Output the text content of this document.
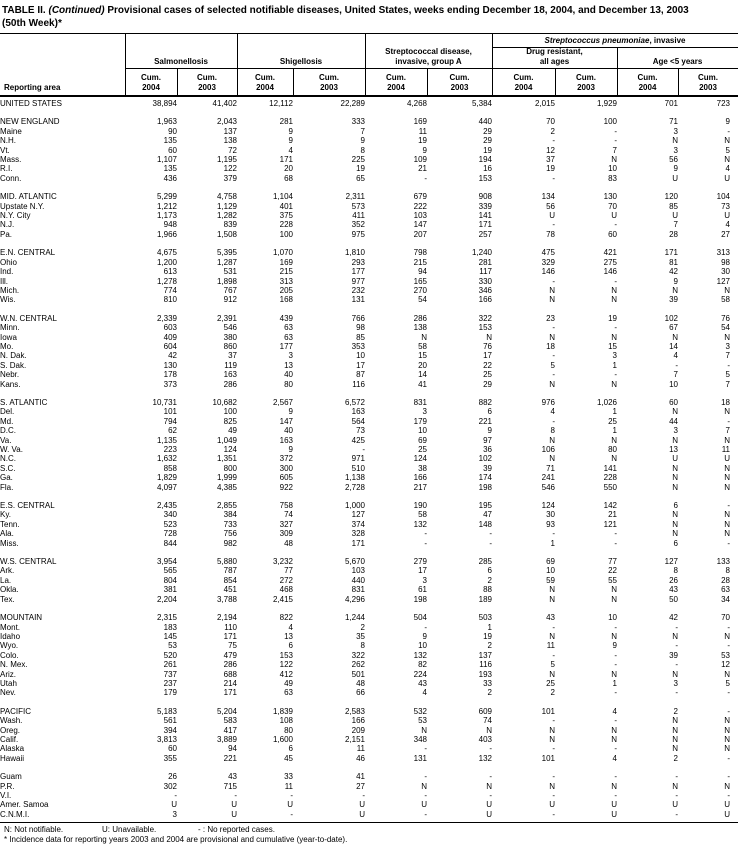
TABLE II. (Continued) Provisional cases of selected notifiable diseases, United States, weeks ending December 18, 2004, and December 13, 2003
(50th Week)*
Streptococcus pneumoniae, invasive
Salmonellosis	Shigellosis
Streptococcal disease,
invasive, group A
Drug resistant,
all ages	Age <5 years
Cum.
2004
Cum.
2003
Cum.
2004
Cum.
2003
Cum.
2004
Cum.
2003
Cum.
2004
Cum.
2003
Cum.
2004
Cum.
2003
Reporting area
UNITED STATES	38,894	41,402	12,112	22,289	4,268	5,384	2,015	1,929	701	723

NEW ENGLAND	1,963	2,043	281	333	169	440	70	100	71	9
Maine	90	137	9	7	11	29	2	-	3	-
N.H.	135	138	9	9	19	29	-	-	N	N
Vt.	60	72	4	8	9	19	12	7	3	5
Mass.	1,107	1,195	171	225	109	194	37	N	56	N
R.I.	135	122	20	19	21	16	19	10	9	4
Conn.	436	379	68	65	-	153	-	83	U	U

MID. ATLANTIC	5,299	4,758	1,104	2,311	679	908	134	130	120	104
Upstate N.Y.	1,212	1,129	401	573	222	339	56	70	85	73
N.Y. City	1,173	1,282	375	411	103	141	U	U	U	U
N.J.	948	839	228	352	147	171	-	-	7	4
Pa.	1,966	1,508	100	975	207	257	78	60	28	27

E.N. CENTRAL	4,675	5,395	1,070	1,810	798	1,240	475	421	171	313
Ohio	1,200	1,287	169	293	215	281	329	275	81	98
Ind.	613	531	215	177	94	117	146	146	42	30
Ill.	1,278	1,898	313	977	165	330	-	-	9	127
Mich.	774	767	205	232	270	346	N	N	N	N
Wis.	810	912	168	131	54	166	N	N	39	58

W.N. CENTRAL	2,339	2,391	439	766	286	322	23	19	102	76
Minn.	603	546	63	98	138	153	-	-	67	54
Iowa	409	380	63	85	N	N	N	N	N	N
Mo.	604	860	177	353	58	76	18	15	14	3
N. Dak.	42	37	3	10	15	17	-	3	4	7
S. Dak.	130	119	13	17	20	22	5	1	-	-
Nebr.	178	163	40	87	14	25	-	-	7	5
Kans.	373	286	80	116	41	29	N	N	10	7

S. ATLANTIC	10,731	10,682	2,567	6,572	831	882	976	1,026	60	18
Del.	101	100	9	163	3	6	4	1	N	N
Md.	794	825	147	564	179	221	-	25	44	-
D.C.	62	49	40	73	10	9	8	1	3	7
Va.	1,135	1,049	163	425	69	97	N	N	N	N
W. Va.	223	124	9	-	25	36	106	80	13	11
N.C.	1,632	1,351	372	971	124	102	N	N	U	U
S.C.	858	800	300	510	38	39	71	141	N	N
Ga.	1,829	1,999	605	1,138	166	174	241	228	N	N
Fla.	4,097	4,385	922	2,728	217	198	546	550	N	N

E.S. CENTRAL	2,435	2,855	758	1,000	190	195	124	142	6	-
Ky.	340	384	74	127	58	47	30	21	N	N
Tenn.	523	733	327	374	132	148	93	121	N	N
Ala.	728	756	309	328	-	-	-	-	N	N
Miss.	844	982	48	171	-	-	1	-	6	-

W.S. CENTRAL	3,954	5,880	3,232	5,670	279	285	69	77	127	133
Ark.	565	787	77	103	17	6	10	22	8	8
La.	804	854	272	440	3	2	59	55	26	28
Okla.	381	451	468	831	61	88	N	N	43	63
Tex.	2,204	3,788	2,415	4,296	198	189	N	N	50	34

MOUNTAIN	2,315	2,194	822	1,244	504	503	43	10	42	70
Mont.	183	110	4	2	-	1	-	-	-	-
Idaho	145	171	13	35	9	19	N	N	N	N
Wyo.	53	75	6	8	10	2	11	9	-	-
Colo.	520	479	153	322	132	137	-	-	39	53
N. Mex.	261	286	122	262	82	116	5	-	-	12
Ariz.	737	688	412	501	224	193	N	N	N	N
Utah	237	214	49	48	43	33	25	1	3	5
Nev.	179	171	63	66	4	2	2	-	-	-

PACIFIC	5,183	5,204	1,839	2,583	532	609	101	4	2	-
Wash.	561	583	108	166	53	74	-	-	N	N
Oreg.	394	417	80	209	N	N	N	N	N	N
Calif.	3,813	3,889	1,600	2,151	348	403	N	N	N	N
Alaska	60	94	6	11	-	-	-	-	N	N
Hawaii	355	221	45	46	131	132	101	4	2	-

Guam	26	43	33	41	-	-	-	-	-	-
P.R.	302	715	11	27	N	N	N	N	N	N
V.I.	-	-	-	-	-	-	-	-	-	-
Amer. Samoa	U	U	U	U	U	U	U	U	U	U
C.N.M.I.	3	U	-	U	-	U	-	U	-	U
N: Not notifiable.	U: Unavailable.	- : No reported cases.
* Incidence data for reporting years 2003 and 2004 are provisional and cumulative (year-to-date).
